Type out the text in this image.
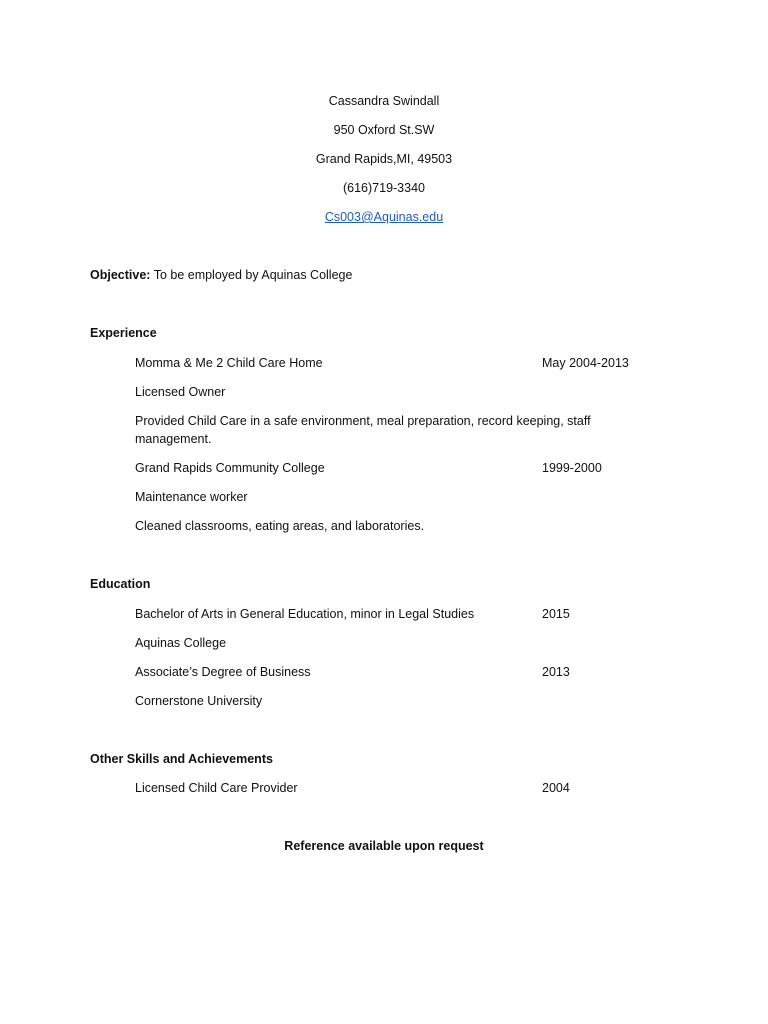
Cassandra Swindall
950 Oxford St.SW
Grand Rapids,MI, 49503
(616)719-3340
Cs003@Aquinas.edu
Objective: To be employed by Aquinas College
Experience
Momma & Me 2 Child Care Home	May 2004-2013
Licensed Owner
Provided Child Care in a safe environment, meal preparation, record keeping, staff management.
Grand Rapids Community College	1999-2000
Maintenance worker
Cleaned classrooms, eating areas, and laboratories.
Education
Bachelor of Arts in General Education, minor in Legal Studies	2015
Aquinas College
Associate’s Degree of Business	2013
Cornerstone University
Other Skills and Achievements
Licensed Child Care Provider	2004
Reference available upon request
